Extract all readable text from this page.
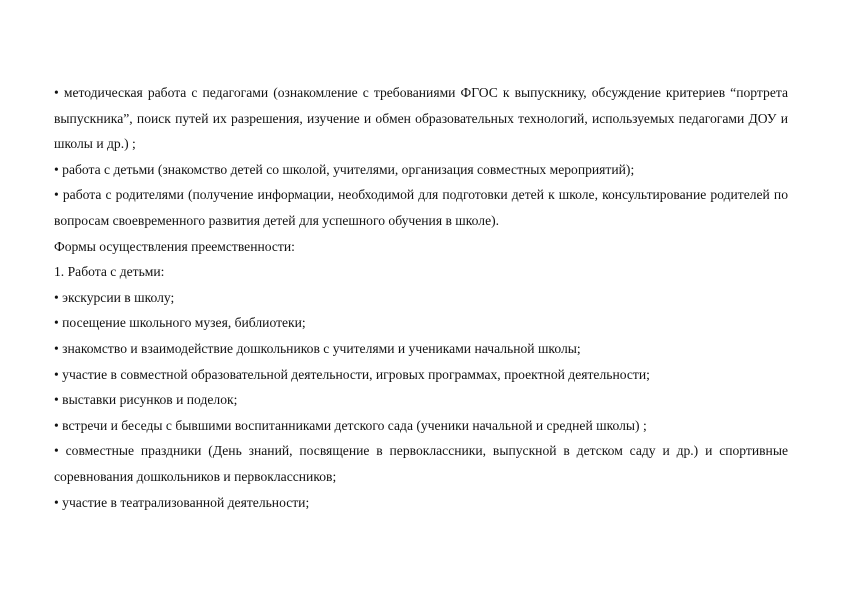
• методическая работа с педагогами (ознакомление с требованиями ФГОС к выпускнику, обсуждение критериев “портрета выпускника”, поиск путей их разрешения, изучение и обмен образовательных технологий, используемых педагогами ДОУ и школы и др.) ;

• работа с детьми (знакомство детей со школой, учителями, организация совместных мероприятий);

• работа с родителями (получение информации, необходимой для подготовки детей к школе, консультирование родителей по вопросам своевременного развития детей для успешного обучения в школе).

Формы осуществления преемственности:

1. Работа с детьми:

• экскурсии в школу;

• посещение школьного музея, библиотеки;

• знакомство и взаимодействие дошкольников с учителями и учениками начальной школы;

• участие в совместной образовательной деятельности, игровых программах, проектной деятельности;

• выставки рисунков и поделок;

• встречи и беседы с бывшими воспитанниками детского сада (ученики начальной и средней школы) ;

• совместные праздники (День знаний, посвящение в первоклассники, выпускной в детском саду и др.) и спортивные соревнования дошкольников и первоклассников;

• участие в театрализованной деятельности;
